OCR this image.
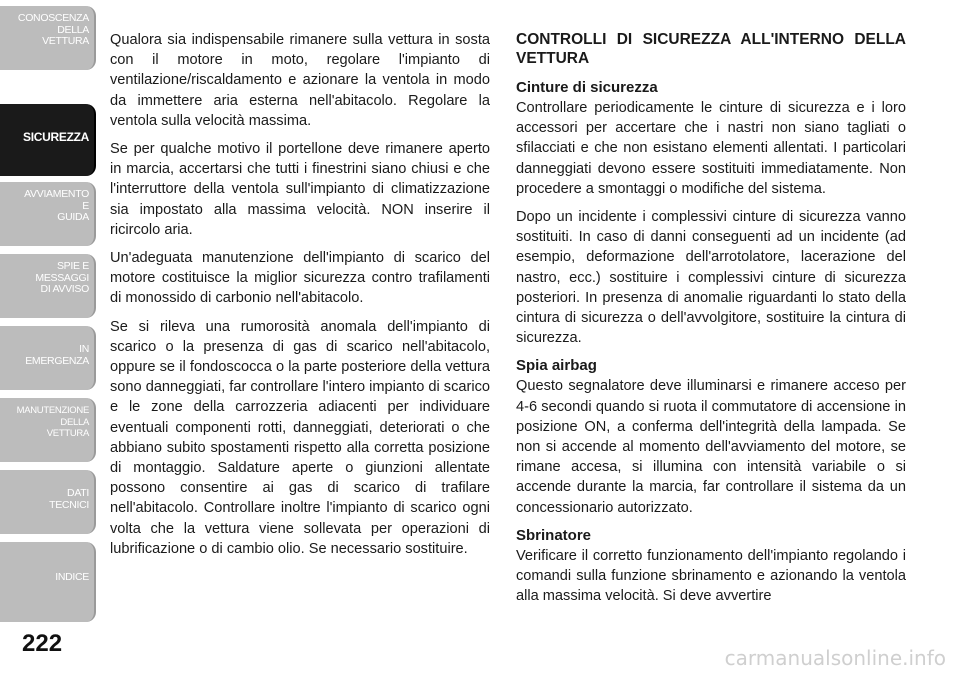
CONOSCENZA
DELLA
VETTURA
SICUREZZA
AVVIAMENTO
E
GUIDA
SPIE E
MESSAGGI
DI AVVISO
IN
EMERGENZA
MANUTENZIONE
DELLA
VETTURA
DATI
TECNICI
INDICE
222

Qualora sia indispensabile rimanere sulla vettura in sosta con il motore in moto, regolare l'impianto di ventilazione/riscaldamento e azionare la ventola in modo da immettere aria esterna nell'abitacolo. Regolare la ventola sulla velocità massima.

Se per qualche motivo il portellone deve rimanere aperto in marcia, accertarsi che tutti i finestrini siano chiusi e che l'interruttore della ventola sull'impianto di climatizzazione sia impostato alla massima velocità. NON inserire il ricircolo aria.

Un'adeguata manutenzione dell'impianto di scarico del motore costituisce la miglior sicurezza contro trafilamenti di monossido di carbonio nell'abitacolo.

Se si rileva una rumorosità anomala dell'impianto di scarico o la presenza di gas di scarico nell'abitacolo, oppure se il fondoscocca o la parte posteriore della vettura sono danneggiati, far controllare l'intero impianto di scarico e le zone della carrozzeria adiacenti per individuare eventuali componenti rotti, danneggiati, deteriorati o che abbiano subito spostamenti rispetto alla corretta posizione di montaggio. Saldature aperte o giunzioni allentate possono consentire ai gas di scarico di trafilare nell'abitacolo. Controllare inoltre l'impianto di scarico ogni volta che la vettura viene sollevata per operazioni di lubrificazione o di cambio olio. Se necessario sostituire.

CONTROLLI DI SICUREZZA ALL'INTERNO DELLA VETTURA
Cinture di sicurezza

Controllare periodicamente le cinture di sicurezza e i loro accessori per accertare che i nastri non siano tagliati o sfilacciati e che non esistano elementi allentati. I particolari danneggiati devono essere sostituiti immediatamente. Non procedere a smontaggi o modifiche del sistema.

Dopo un incidente i complessivi cinture di sicurezza vanno sostituiti. In caso di danni conseguenti ad un incidente (ad esempio, deformazione dell'arrotolatore, lacerazione del nastro, ecc.) sostituire i complessivi cinture di sicurezza posteriori. In presenza di anomalie riguardanti lo stato della cintura di sicurezza o dell'avvolgitore, sostituire la cintura di sicurezza.

Spia airbag

Questo segnalatore deve illuminarsi e rimanere acceso per 4-6 secondi quando si ruota il commutatore di accensione in posizione ON, a conferma dell'integrità della lampada. Se non si accende al momento dell'avviamento del motore, se rimane accesa, si illumina con intensità variabile o si accende durante la marcia, far controllare il sistema da un concessionario autorizzato.

Sbrinatore

Verificare il corretto funzionamento dell'impianto regolando i comandi sulla funzione sbrinamento e azionando la ventola alla massima velocità. Si deve avvertire

carmanualsonline.info
